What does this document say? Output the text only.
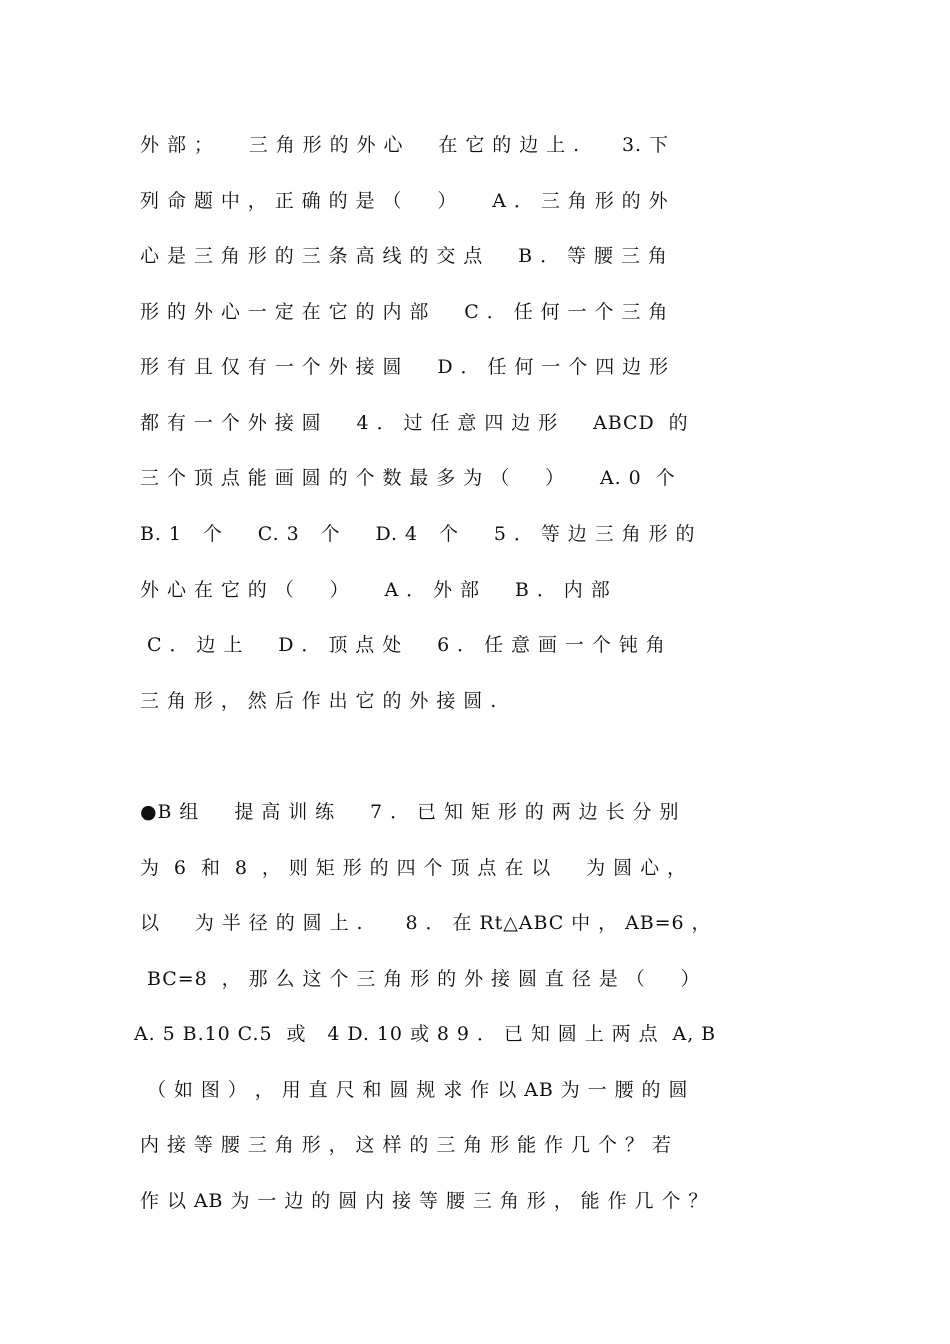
外 部 ；     三 角 形 的 外 心     在 它 的 边 上 .      3. 下
列 命 题 中 ， 正 确 的 是 （     ）     A ． 三 角 形 的 外
心 是 三 角 形 的 三 条 高 线 的 交 点     B ． 等 腰 三 角
形 的 外 心 一 定 在 它 的 内 部     C ． 任 何 一 个 三 角
形 有 且 仅 有 一 个 外 接 圆     D ． 任 何 一 个 四 边 形
都 有 一 个 外 接 圆     4 ． 过 任 意 四 边 形     ABCD  的
三 个 顶 点 能 画 圆 的 个 数 最 多 为 （     ）     A. 0  个
B. 1   个     C. 3   个     D. 4   个     5 ． 等 边 三 角 形 的
外 心 在 它 的 （     ）     A ． 外 部     B ． 内 部
C ． 边 上     D ． 顶 点 处     6 ． 任 意 画 一 个 钝 角
三 角 形 ， 然 后 作 出 它 的 外 接 圆 .
●B 组     提 高 训 练     7 ． 已 知 矩 形 的 两 边 长 分 别
为  6  和  8  ， 则 矩 形 的 四 个 顶 点 在 以     为 圆 心 ，
以     为 半 径 的 圆 上 .      8 ． 在 Rt△ABC 中 ， AB=6 ，
BC=8  ， 那 么 这 个 三 角 形 的 外 接 圆 直 径 是 （     ）
A. 5 B.10 C.5  或   4 D. 10 或 8 9 ． 已 知 圆 上 两 点  A, B
（ 如 图 ） ， 用 直 尺 和 圆 规 求 作 以 AB 为 一 腰 的 圆
内 接 等 腰 三 角 形 ， 这 样 的 三 角 形 能 作 几 个 ？ 若
作 以 AB 为 一 边 的 圆 内 接 等 腰 三 角 形 ， 能 作 几 个 ？
